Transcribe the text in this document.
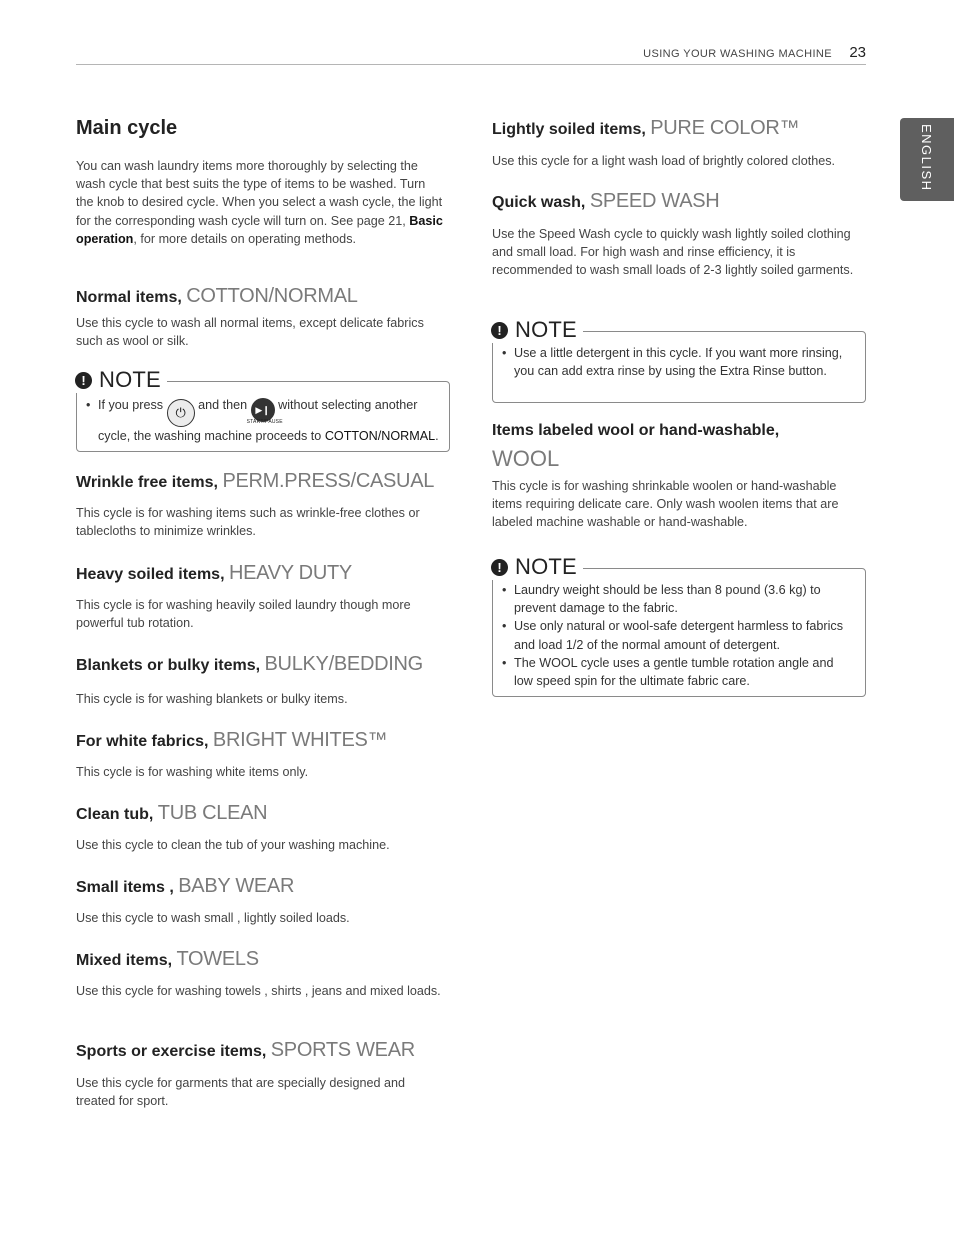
USING YOUR WASHING MACHINE 23
ENGLISH
Main cycle

You can wash laundry items more thoroughly by selecting the wash cycle that best suits the type of items to be washed. Turn the knob to desired cycle. When you select a wash cycle, the light for the corresponding wash cycle will turn on. See page 21, Basic operation, for more details on operating methods.

Normal items, COTTON/NORMAL

Use this cycle to wash all normal items, except delicate fabrics such as wool or silk.

! NOTE
• If you press ⏻ and then ▶❙
START/PAUSE
without selecting another cycle, the washing machine proceeds to COTTON/NORMAL.
Wrinkle free items, PERM.PRESS/CASUAL

This cycle is for washing items such as wrinkle-free clothes or tablecloths to minimize wrinkles.

Heavy soiled items, HEAVY DUTY

This cycle is for washing heavily soiled laundry though more powerful tub rotation.

Blankets or bulky items, BULKY/BEDDING

This cycle is for washing blankets or bulky items.

For white fabrics, BRIGHT WHITES™

This cycle is for washing white items only.

Clean tub, TUB CLEAN

Use this cycle to clean the tub of your washing machine.

Small items , BABY WEAR

Use this cycle to wash small , lightly soiled loads.

Mixed items, TOWELS

Use this cycle for washing towels , shirts , jeans and mixed loads.

Sports or exercise items, SPORTS WEAR

Use this cycle for garments that are specially designed and treated for sport.

Lightly soiled items, PURE COLOR™

Use this cycle for a light wash load of brightly colored clothes.

Quick wash, SPEED WASH

Use the Speed Wash cycle to quickly wash lightly soiled clothing and small load. For high wash and rinse efficiency, it is recommended to wash small loads of 2-3 lightly soiled garments.

! NOTE
• Use a little detergent in this cycle. If you want more rinsing, you can add extra rinse by using the Extra Rinse button.
Items labeled wool or hand-washable,
WOOL

This cycle is for washing shrinkable woolen or hand-washable items requiring delicate care. Only wash woolen items that are labeled machine washable or hand-washable.

! NOTE
• Laundry weight should be less than 8 pound (3.6 kg) to prevent damage to the fabric.
• Use only natural or wool-safe detergent harmless to fabrics and load 1/2 of the normal amount of detergent.
• The WOOL cycle uses a gentle tumble rotation angle and low speed spin for the ultimate fabric care.
